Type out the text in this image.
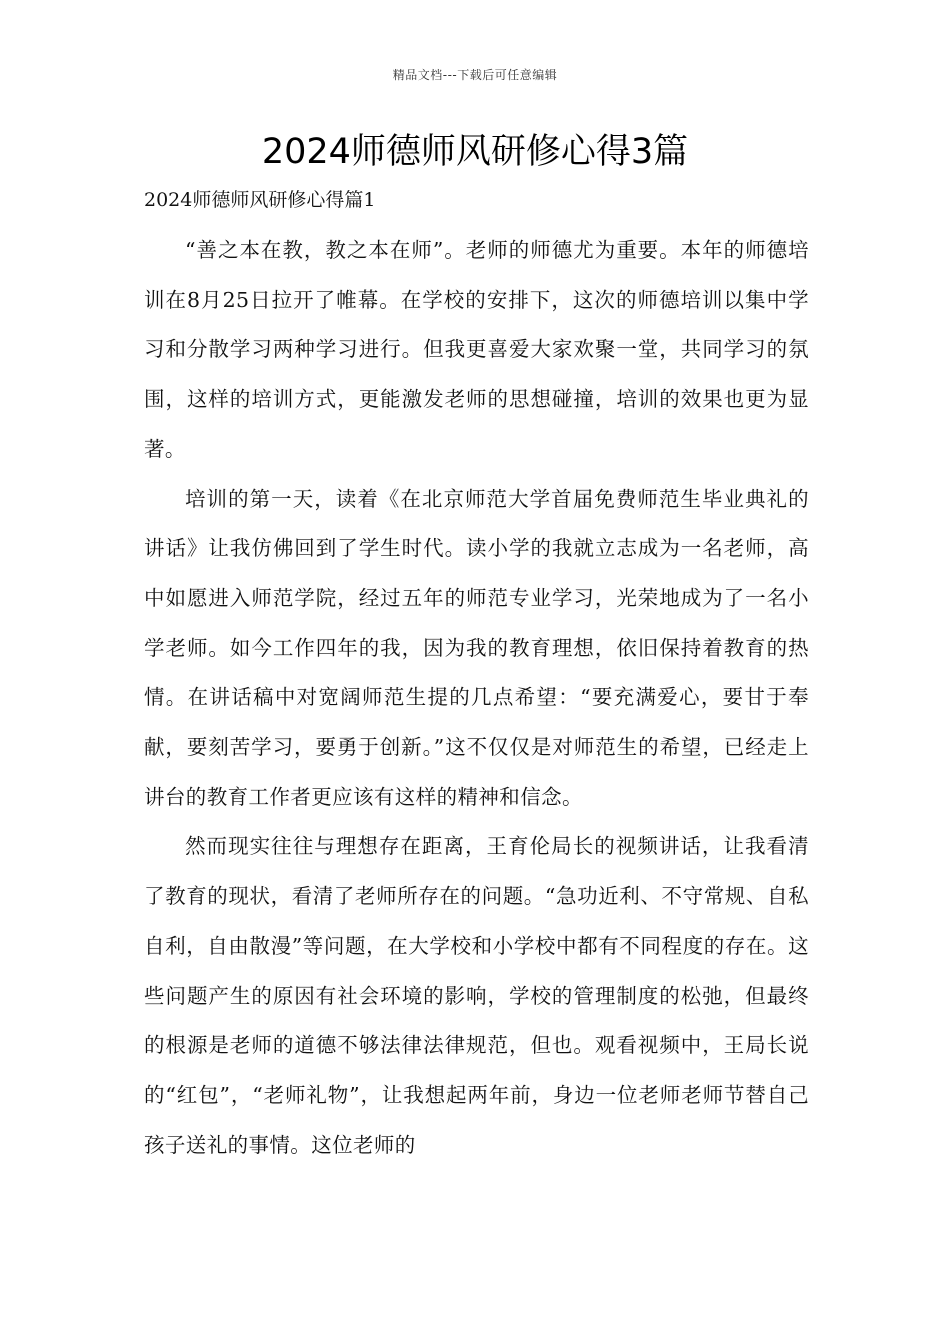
精品文档---下载后可任意编辑
2024师德师风研修心得3篇
2024师德师风研修心得篇1

“善之本在教，教之本在师”。老师的师德尤为重要。本年的师德培训在8月25日拉开了帷幕。在学校的安排下，这次的师德培训以集中学习和分散学习两种学习进行。但我更喜爱大家欢聚一堂，共同学习的氛围，这样的培训方式，更能激发老师的思想碰撞，培训的效果也更为显著。

培训的第一天，读着《在北京师范大学首届免费师范生毕业典礼的讲话》让我仿佛回到了学生时代。读小学的我就立志成为一名老师，高中如愿进入师范学院，经过五年的师范专业学习，光荣地成为了一名小学老师。如今工作四年的我，因为我的教育理想，依旧保持着教育的热情。在讲话稿中对宽阔师范生提的几点希望：“要充满爱心，要甘于奉献，要刻苦学习，要勇于创新。”这不仅仅是对师范生的希望，已经走上讲台的教育工作者更应该有这样的精神和信念。

然而现实往往与理想存在距离，王育伦局长的视频讲话，让我看清了教育的现状，看清了老师所存在的问题。“急功近利、不守常规、自私自利，自由散漫”等问题，在大学校和小学校中都有不同程度的存在。这些问题产生的原因有社会环境的影响，学校的管理制度的松弛，但最终的根源是老师的道德不够法律法律规范，但也。观看视频中，王局长说的“红包”，“老师礼物”，让我想起两年前，身边一位老师老师节替自己孩子送礼的事情。这位老师的
